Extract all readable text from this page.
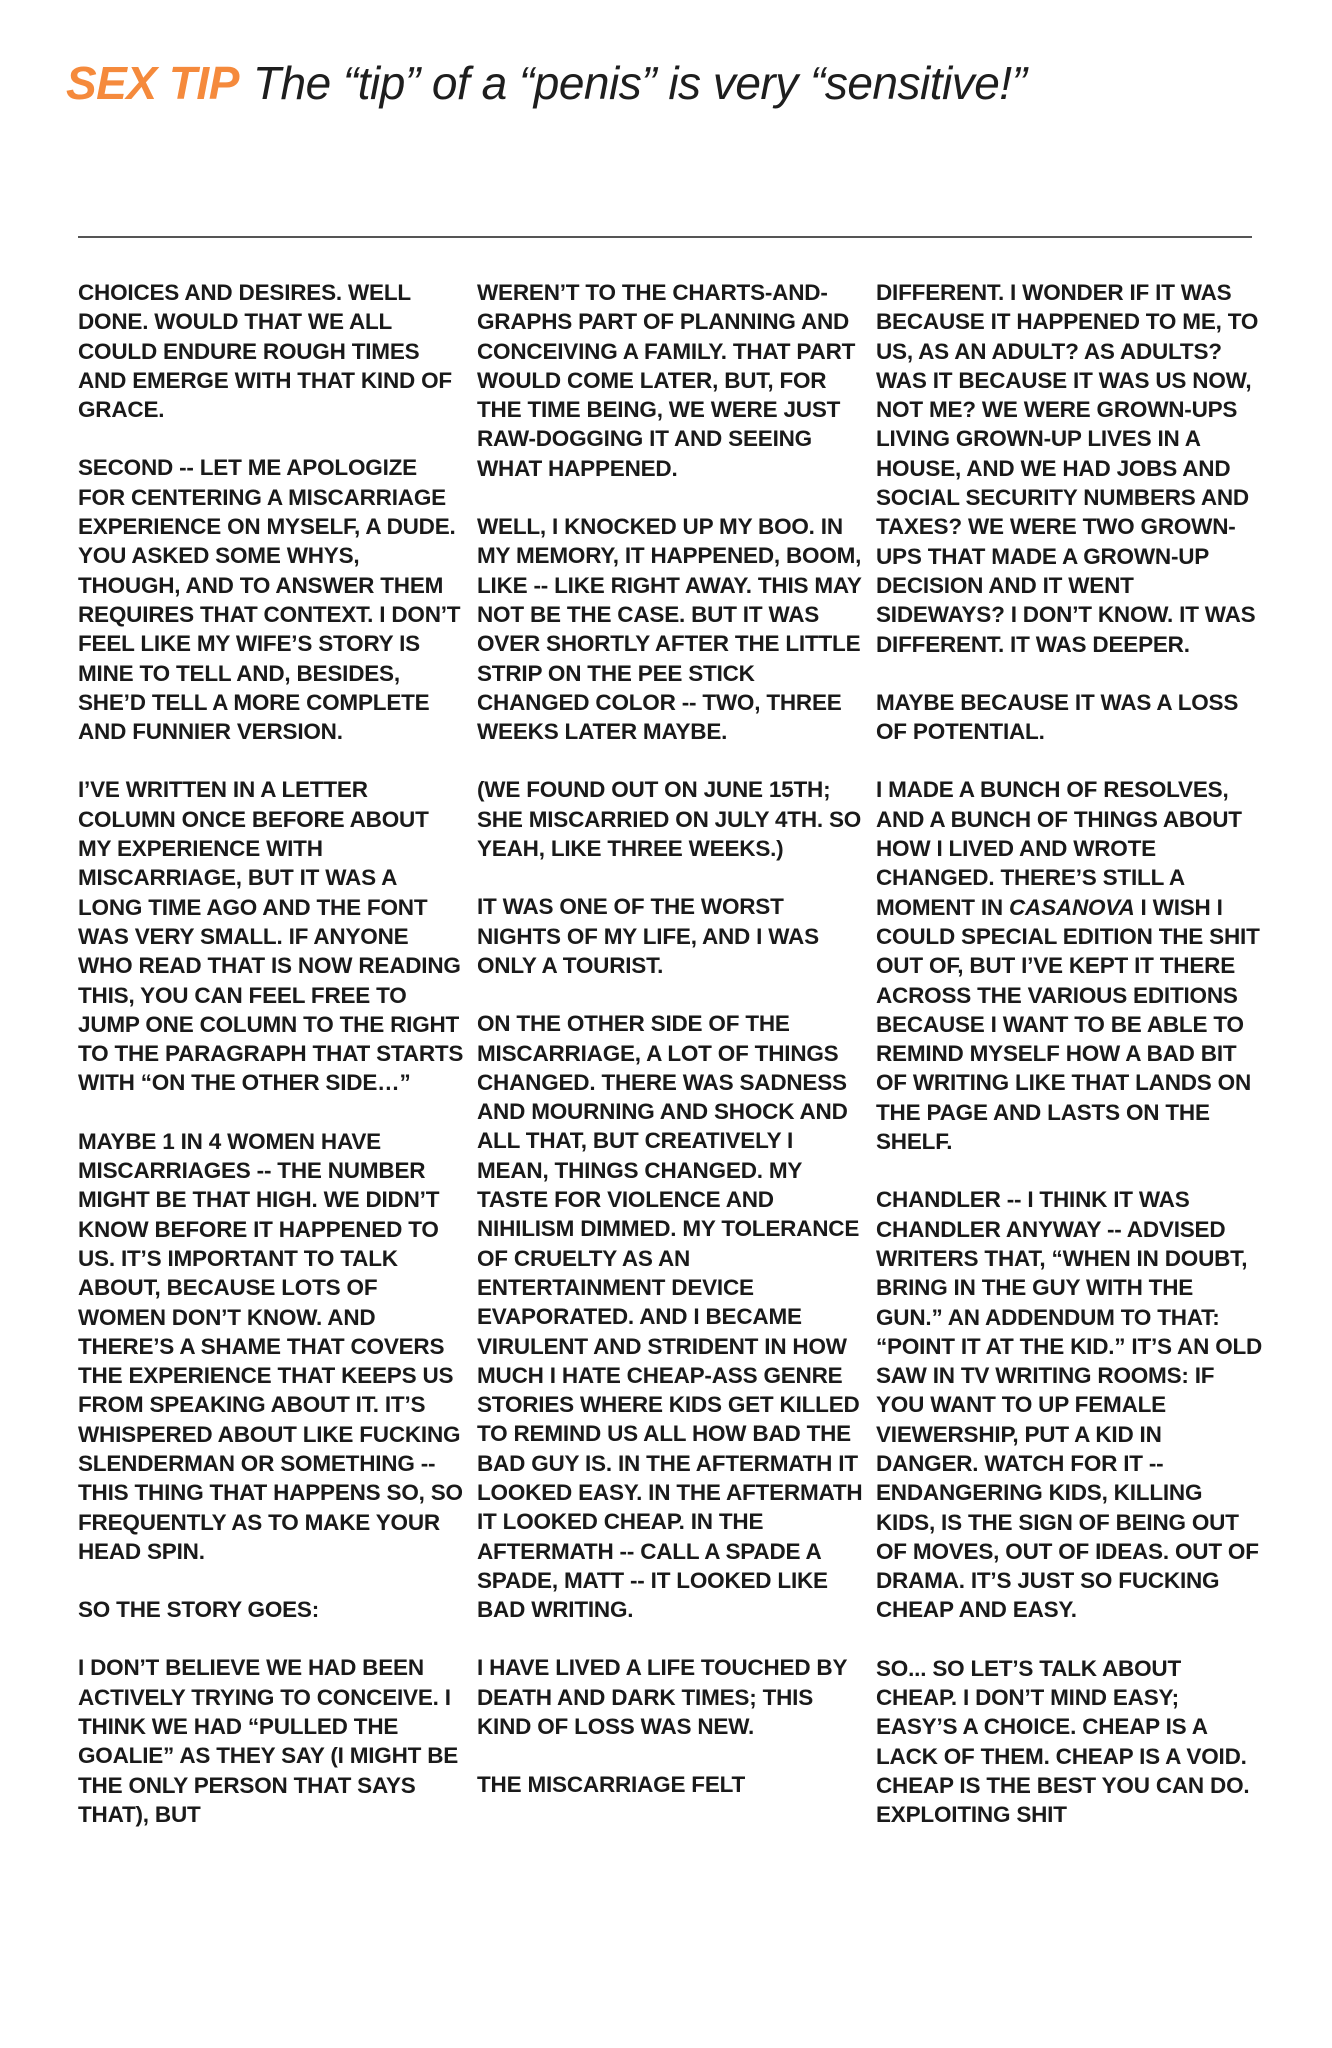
SEX TIP The “tip” of a “penis” is very “sensitive!”

CHOICES AND DESIRES. WELL DONE. WOULD THAT WE ALL COULD ENDURE ROUGH TIMES AND EMERGE WITH THAT KIND OF GRACE.

SECOND -- LET ME APOLOGIZE FOR CENTERING A MISCARRIAGE EXPERIENCE ON MYSELF, A DUDE. YOU ASKED SOME WHYS, THOUGH, AND TO ANSWER THEM REQUIRES THAT CONTEXT. I DON’T FEEL LIKE MY WIFE’S STORY IS MINE TO TELL AND, BESIDES, SHE’D TELL A MORE COMPLETE AND FUNNIER VERSION.

I’VE WRITTEN IN A LETTER COLUMN ONCE BEFORE ABOUT MY EXPERIENCE WITH MISCARRIAGE, BUT IT WAS A LONG TIME AGO AND THE FONT WAS VERY SMALL. IF ANYONE WHO READ THAT IS NOW READING THIS, YOU CAN FEEL FREE TO JUMP ONE COLUMN TO THE RIGHT TO THE PARAGRAPH THAT STARTS WITH “ON THE OTHER SIDE…”

MAYBE 1 IN 4 WOMEN HAVE MISCARRIAGES -- THE NUMBER MIGHT BE THAT HIGH. WE DIDN’T KNOW BEFORE IT HAPPENED TO US. IT’S IMPORTANT TO TALK ABOUT, BECAUSE LOTS OF WOMEN DON’T KNOW. AND THERE’S A SHAME THAT COVERS THE EXPERIENCE THAT KEEPS US FROM SPEAKING ABOUT IT. IT’S WHISPERED ABOUT LIKE FUCKING SLENDERMAN OR SOMETHING -- THIS THING THAT HAPPENS SO, SO FREQUENTLY AS TO MAKE YOUR HEAD SPIN.

SO THE STORY GOES:

I DON’T BELIEVE WE HAD BEEN ACTIVELY TRYING TO CONCEIVE. I THINK WE HAD “PULLED THE GOALIE” AS THEY SAY (I MIGHT BE THE ONLY PERSON THAT SAYS THAT), BUT

WEREN’T TO THE CHARTS-AND-GRAPHS PART OF PLANNING AND CONCEIVING A FAMILY. THAT PART WOULD COME LATER, BUT, FOR THE TIME BEING, WE WERE JUST RAW-DOGGING IT AND SEEING WHAT HAPPENED.

WELL, I KNOCKED UP MY BOO. IN MY MEMORY, IT HAPPENED, BOOM, LIKE -- LIKE RIGHT AWAY. THIS MAY NOT BE THE CASE. BUT IT WAS OVER SHORTLY AFTER THE LITTLE STRIP ON THE PEE STICK CHANGED COLOR -- TWO, THREE WEEKS LATER MAYBE.

(WE FOUND OUT ON JUNE 15TH; SHE MISCARRIED ON JULY 4TH. SO YEAH, LIKE THREE WEEKS.)

IT WAS ONE OF THE WORST NIGHTS OF MY LIFE, AND I WAS ONLY A TOURIST.

ON THE OTHER SIDE OF THE MISCARRIAGE, A LOT OF THINGS CHANGED. THERE WAS SADNESS AND MOURNING AND SHOCK AND ALL THAT, BUT CREATIVELY I MEAN, THINGS CHANGED. MY TASTE FOR VIOLENCE AND NIHILISM DIMMED. MY TOLERANCE OF CRUELTY AS AN ENTERTAINMENT DEVICE EVAPORATED. AND I BECAME VIRULENT AND STRIDENT IN HOW MUCH I HATE CHEAP-ASS GENRE STORIES WHERE KIDS GET KILLED TO REMIND US ALL HOW BAD THE BAD GUY IS. IN THE AFTERMATH IT LOOKED EASY. IN THE AFTERMATH IT LOOKED CHEAP. IN THE AFTERMATH -- CALL A SPADE A SPADE, MATT -- IT LOOKED LIKE BAD WRITING.

I HAVE LIVED A LIFE TOUCHED BY DEATH AND DARK TIMES; THIS KIND OF LOSS WAS NEW.

THE MISCARRIAGE FELT

DIFFERENT. I WONDER IF IT WAS BECAUSE IT HAPPENED TO ME, TO US, AS AN ADULT? AS ADULTS? WAS IT BECAUSE IT WAS US NOW, NOT ME? WE WERE GROWN-UPS LIVING GROWN-UP LIVES IN A HOUSE, AND WE HAD JOBS AND SOCIAL SECURITY NUMBERS AND TAXES? WE WERE TWO GROWN-UPS THAT MADE A GROWN-UP DECISION AND IT WENT SIDEWAYS? I DON’T KNOW. IT WAS DIFFERENT. IT WAS DEEPER.

MAYBE BECAUSE IT WAS A LOSS OF POTENTIAL.

I MADE A BUNCH OF RESOLVES, AND A BUNCH OF THINGS ABOUT HOW I LIVED AND WROTE CHANGED. THERE’S STILL A MOMENT IN CASANOVA I WISH I COULD SPECIAL EDITION THE SHIT OUT OF, BUT I’VE KEPT IT THERE ACROSS THE VARIOUS EDITIONS BECAUSE I WANT TO BE ABLE TO REMIND MYSELF HOW A BAD BIT OF WRITING LIKE THAT LANDS ON THE PAGE AND LASTS ON THE SHELF.

CHANDLER -- I THINK IT WAS CHANDLER ANYWAY -- ADVISED WRITERS THAT, “WHEN IN DOUBT, BRING IN THE GUY WITH THE GUN.” AN ADDENDUM TO THAT: “POINT IT AT THE KID.” IT’S AN OLD SAW IN TV WRITING ROOMS: IF YOU WANT TO UP FEMALE VIEWERSHIP, PUT A KID IN DANGER. WATCH FOR IT -- ENDANGERING KIDS, KILLING KIDS, IS THE SIGN OF BEING OUT OF MOVES, OUT OF IDEAS. OUT OF DRAMA. IT’S JUST SO FUCKING CHEAP AND EASY.

SO... SO LET’S TALK ABOUT CHEAP. I DON’T MIND EASY; EASY’S A CHOICE. CHEAP IS A LACK OF THEM. CHEAP IS A VOID. CHEAP IS THE BEST YOU CAN DO. EXPLOITING SHIT
